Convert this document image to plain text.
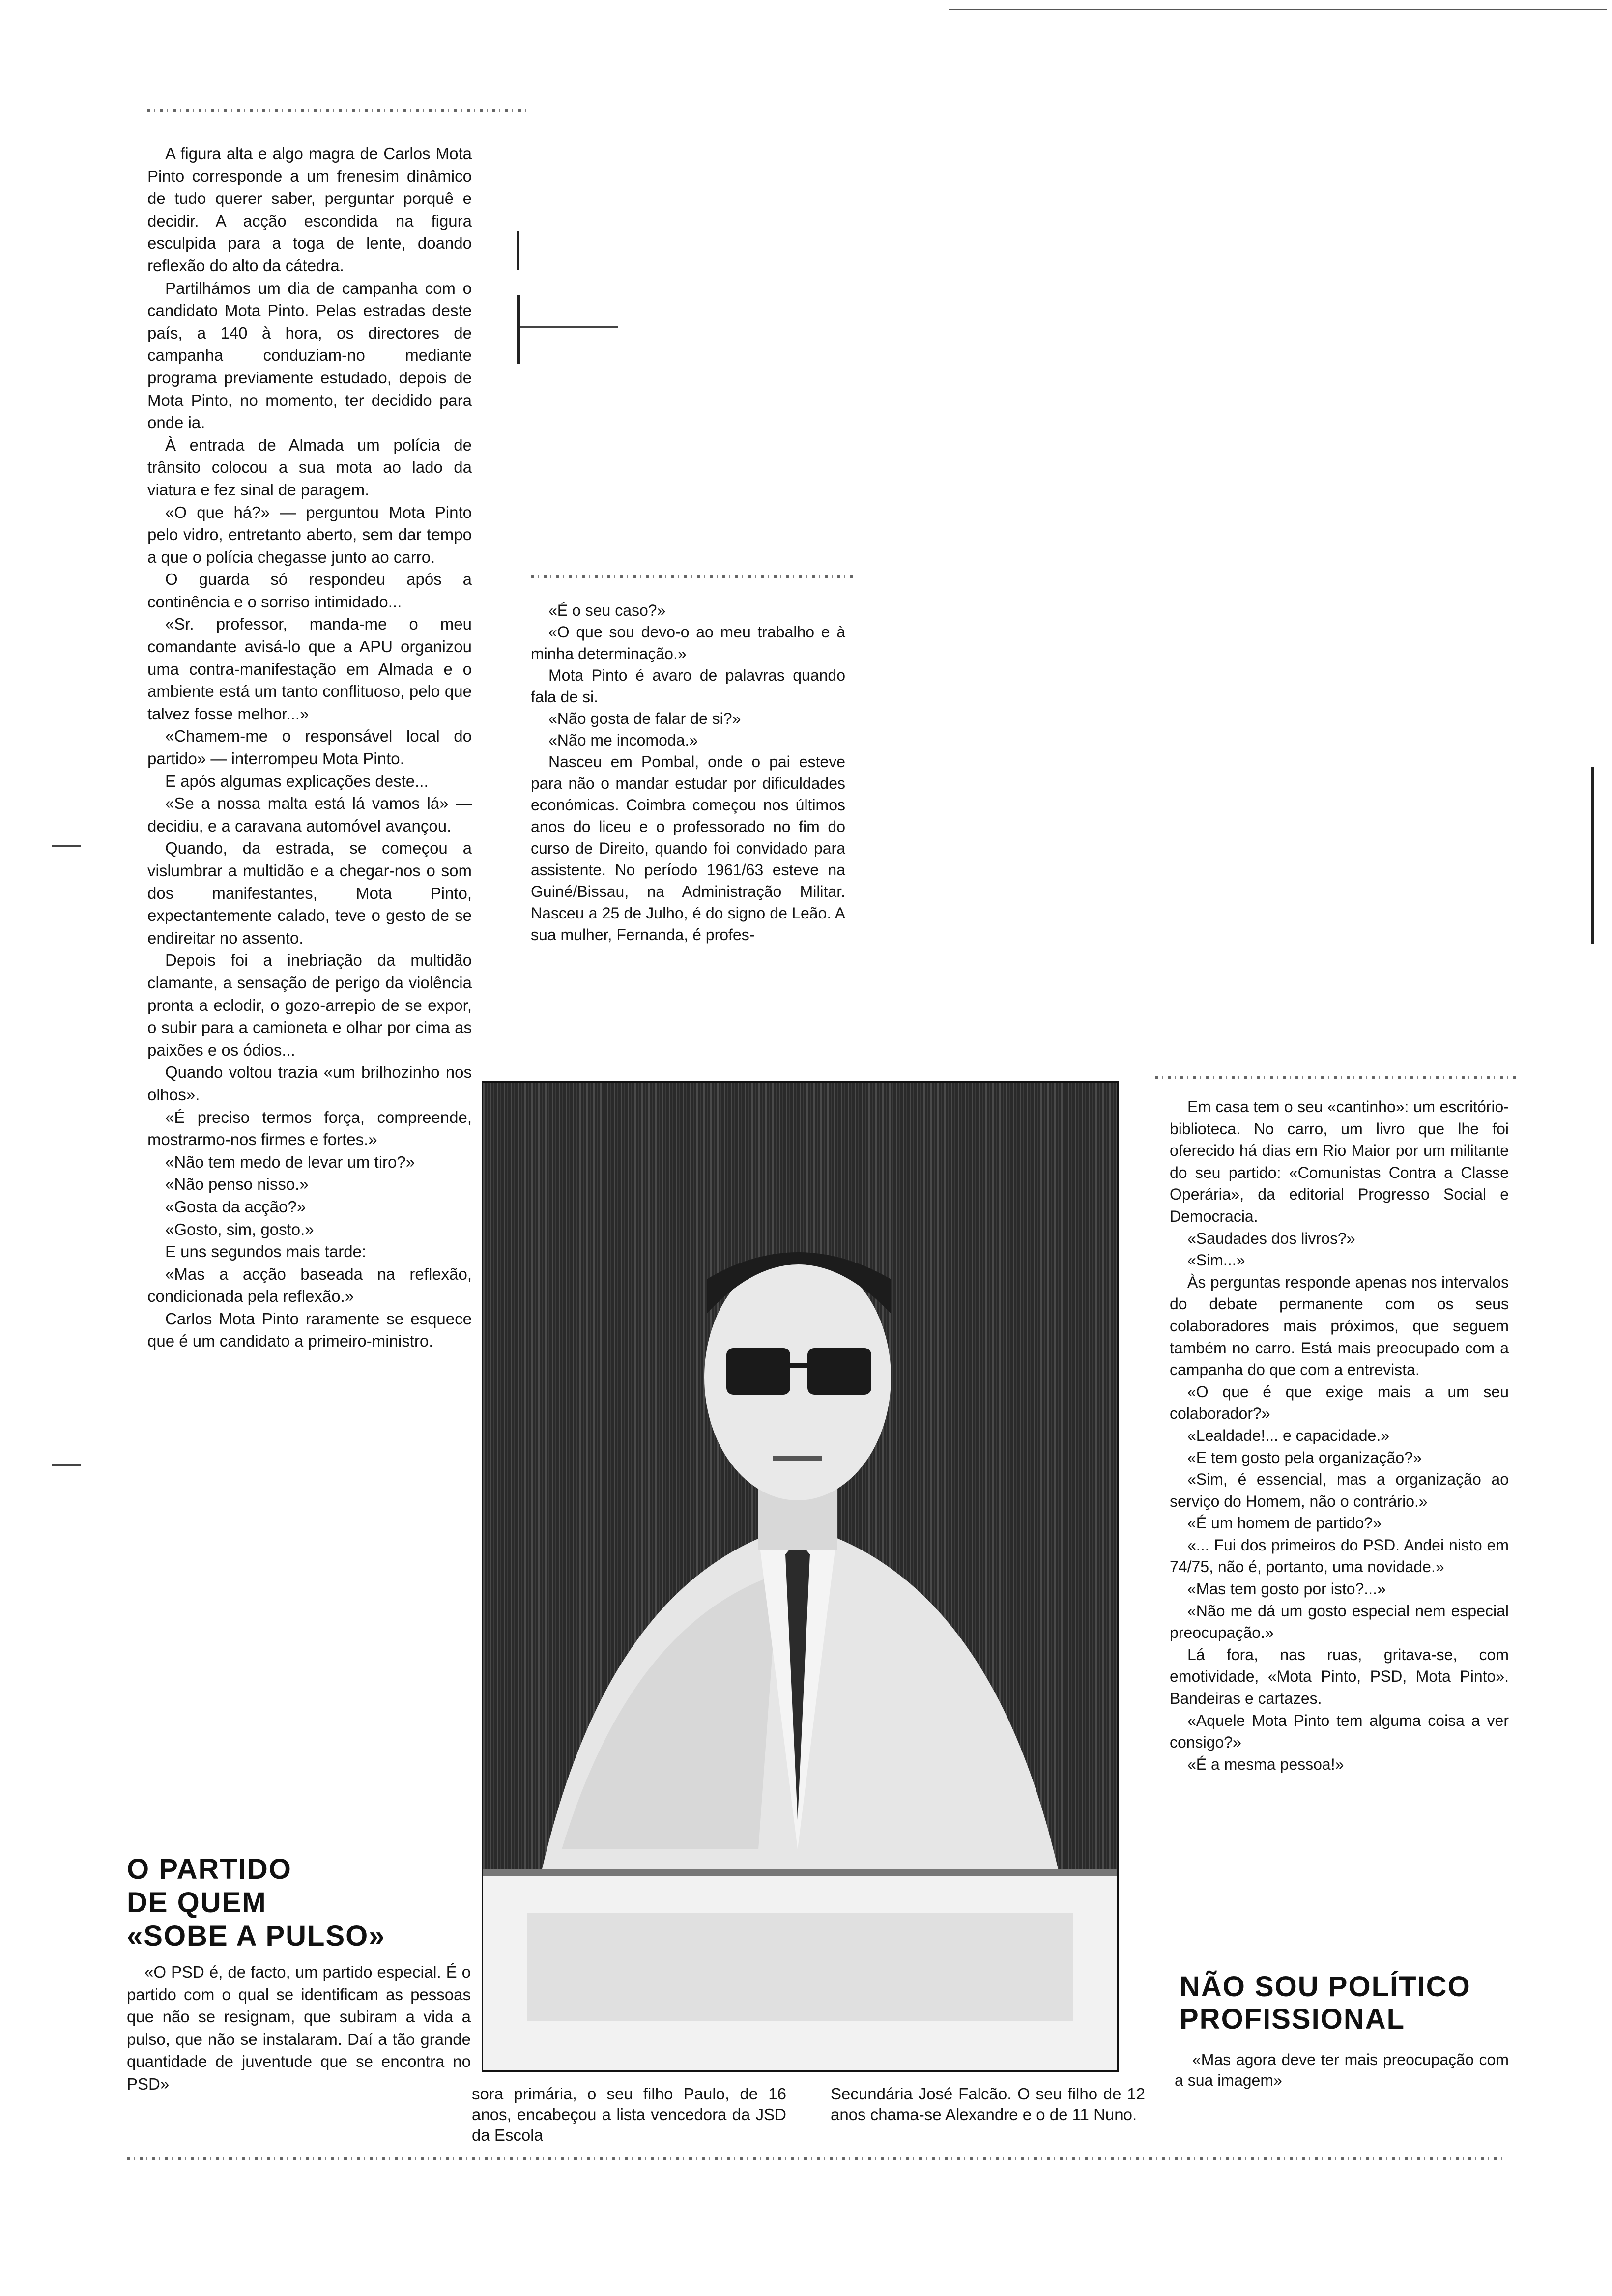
A figura alta e algo magra de Carlos Mota Pinto corresponde a um frenesim dinâmico de tudo querer saber, perguntar porquê e decidir. A acção escondida na figura esculpida para a toga de lente, doando reflexão do alto da cátedra.

Partilhámos um dia de campanha com o candidato Mota Pinto. Pelas estradas deste país, a 140 à hora, os directores de campanha conduziam-no mediante programa previamente estudado, depois de Mota Pinto, no momento, ter decidido para onde ia.

À entrada de Almada um polícia de trânsito colocou a sua mota ao lado da viatura e fez sinal de paragem.

«O que há?» — perguntou Mota Pinto pelo vidro, entretanto aberto, sem dar tempo a que o polícia chegasse junto ao carro.

O guarda só respondeu após a continência e o sorriso intimidado...

«Sr. professor, manda-me o meu comandante avisá-lo que a APU organizou uma contra-manifestação em Almada e o ambiente está um tanto conflituoso, pelo que talvez fosse melhor...»

«Chamem-me o responsável local do partido» — interrompeu Mota Pinto.

E após algumas explicações deste...

«Se a nossa malta está lá vamos lá» — decidiu, e a caravana automóvel avançou.

Quando, da estrada, se começou a vislumbrar a multidão e a chegar-nos o som dos manifestantes, Mota Pinto, expectantemente calado, teve o gesto de se endireitar no assento.

Depois foi a inebriação da multidão clamante, a sensação de perigo da violência pronta a eclodir, o gozo-arrepio de se expor, o subir para a camioneta e olhar por cima as paixões e os ódios...

Quando voltou trazia «um brilhozinho nos olhos».

«É preciso termos força, compreende, mostrarmo-nos firmes e fortes.»

«Não tem medo de levar um tiro?»

«Não penso nisso.»

«Gosta da acção?»

«Gosto, sim, gosto.»

E uns segundos mais tarde:

«Mas a acção baseada na reflexão, condicionada pela reflexão.»

Carlos Mota Pinto raramente se esquece que é um candidato a primeiro-ministro.

O PARTIDO
DE QUEM
«SOBE A PULSO»

«O PSD é, de facto, um partido especial. É o partido com o qual se identificam as pessoas que não se resignam, que subiram a vida a pulso, que não se instalaram. Daí a tão grande quantidade de juventude que se encontra no PSD»

«É o seu caso?»

«O que sou devo-o ao meu trabalho e à minha determinação.»

Mota Pinto é avaro de palavras quando fala de si.

«Não gosta de falar de si?»

«Não me incomoda.»

Nasceu em Pombal, onde o pai esteve para não o mandar estudar por dificuldades económicas. Coimbra começou nos últimos anos do liceu e o professorado no fim do curso de Direito, quando foi convidado para assistente. No período 1961/63 esteve na Guiné/Bissau, na Administração Militar. Nasceu a 25 de Julho, é do signo de Leão. A sua mulher, Fernanda, é profes-

sora primária, o seu filho Paulo, de 16 anos, encabeçou a lista vencedora da JSD da Escola
Secundária José Falcão. O seu filho de 12 anos chama-se Alexandre e o de 11 Nuno.

Em casa tem o seu «cantinho»: um escritório-biblioteca. No carro, um livro que lhe foi oferecido há dias em Rio Maior por um militante do seu partido: «Comunistas Contra a Classe Operária», da editorial Progresso Social e Democracia.

«Saudades dos livros?»

«Sim...»

Às perguntas responde apenas nos intervalos do debate permanente com os seus colaboradores mais próximos, que seguem também no carro. Está mais preocupado com a campanha do que com a entrevista.

«O que é que exige mais a um seu colaborador?»

«Lealdade!... e capacidade.»

«E tem gosto pela organização?»

«Sim, é essencial, mas a organização ao serviço do Homem, não o contrário.»

«É um homem de partido?»

«... Fui dos primeiros do PSD. Andei nisto em 74/75, não é, portanto, uma novidade.»

«Mas tem gosto por isto?...»

«Não me dá um gosto especial nem especial preocupação.»

Lá fora, nas ruas, gritava-se, com emotividade, «Mota Pinto, PSD, Mota Pinto». Bandeiras e cartazes.

«Aquele Mota Pinto tem alguma coisa a ver consigo?»

«É a mesma pessoa!»

NÃO SOU POLÍTICO
PROFISSIONAL

«Mas agora deve ter mais preocupação com a sua imagem»
